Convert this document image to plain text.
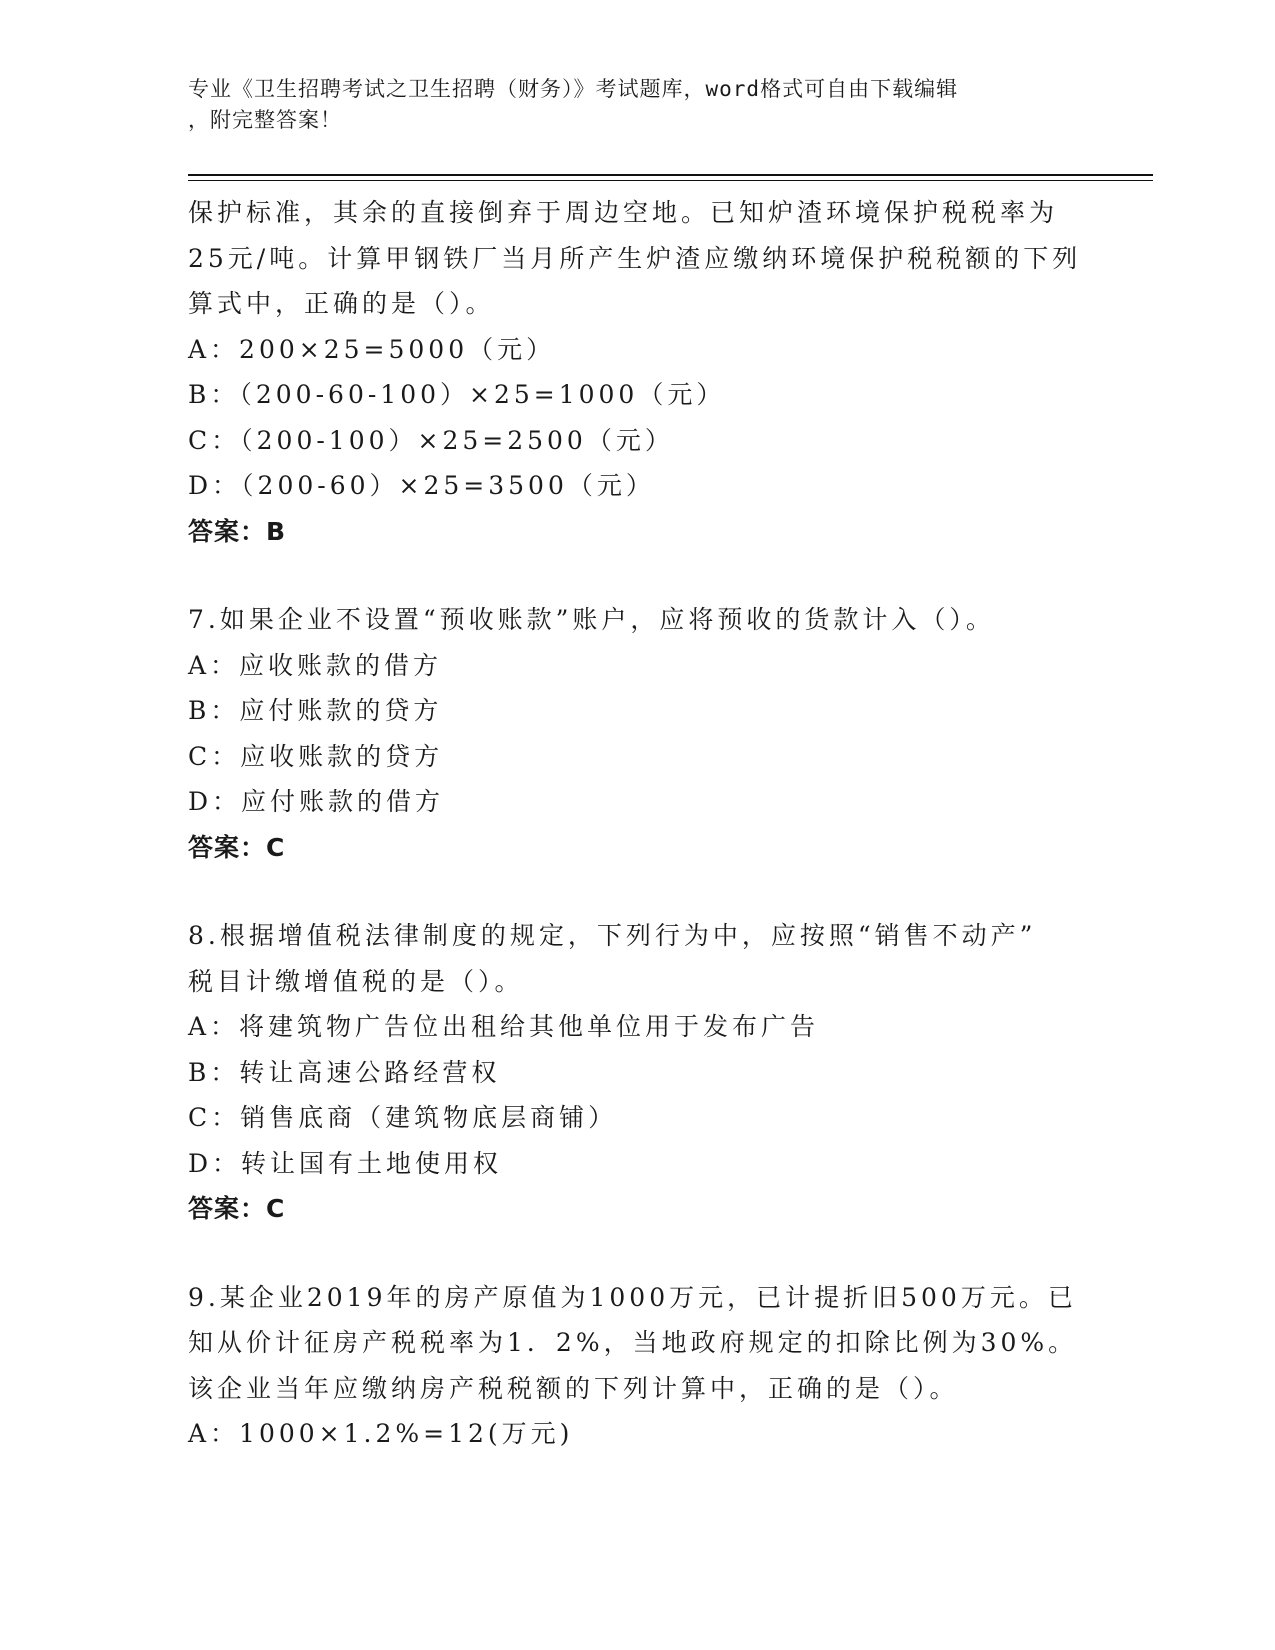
专业《卫生招聘考试之卫生招聘（财务）》考试题库，word格式可自由下载编辑
，附完整答案！
保护标准，其余的直接倒弃于周边空地。已知炉渣环境保护税税率为
25元/吨。计算甲钢铁厂当月所产生炉渣应缴纳环境保护税税额的下列
算式中，正确的是（）。
A：200×25=5000（元）
B：（200-60-100）×25=1000（元）
C：（200-100）×25=2500（元）
D：（200-60）×25=3500（元）
答案：B
7.如果企业不设置“预收账款”账户，应将预收的货款计入（）。
A：应收账款的借方
B：应付账款的贷方
C：应收账款的贷方
D：应付账款的借方
答案：C
8.根据增值税法律制度的规定，下列行为中，应按照“销售不动产”
税目计缴增值税的是（）。
A：将建筑物广告位出租给其他单位用于发布广告
B：转让高速公路经营权
C：销售底商（建筑物底层商铺）
D：转让国有土地使用权
答案：C
9.某企业2019年的房产原值为1000万元，已计提折旧500万元。已
知从价计征房产税税率为1．2%，当地政府规定的扣除比例为30%。
该企业当年应缴纳房产税税额的下列计算中，正确的是（）。
A：1000×1.2%=12(万元)
